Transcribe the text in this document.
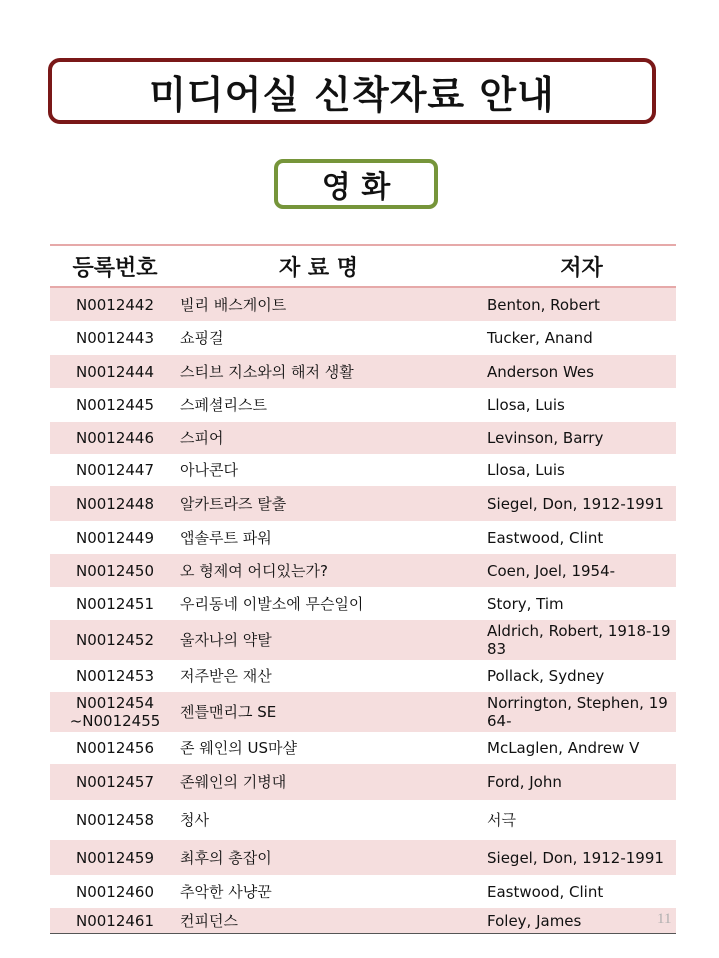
미디어실 신착자료 안내
영 화
등록번호	자 료 명	저자
N0012442	빌리 배스게이트	Benton, Robert
N0012443	쇼핑걸	Tucker, Anand
N0012444	스티브 지소와의 해저 생활	Anderson Wes
N0012445	스페셜리스트	Llosa, Luis
N0012446	스피어	Levinson, Barry
N0012447	아나콘다	Llosa, Luis
N0012448	알카트라즈 탈출	Siegel, Don, 1912-1991
N0012449	앱솔루트 파워	Eastwood, Clint
N0012450	오 형제여 어디있는가?	Coen, Joel, 1954-
N0012451	우리동네 이발소에 무슨일이	Story, Tim
N0012452	울자나의 약탈	Aldrich, Robert, 1918-1983
N0012453	저주받은 재산	Pollack, Sydney
N0012454
~N0012455	젠틀맨리그 SE	Norrington, Stephen, 1964-
N0012456	존 웨인의 US마샬	McLaglen, Andrew V
N0012457	존웨인의 기병대	Ford, John
N0012458	청사	서극
N0012459	최후의 총잡이	Siegel, Don, 1912-1991
N0012460	추악한 사냥꾼	Eastwood, Clint
N0012461	컨피던스	Foley, James	11
